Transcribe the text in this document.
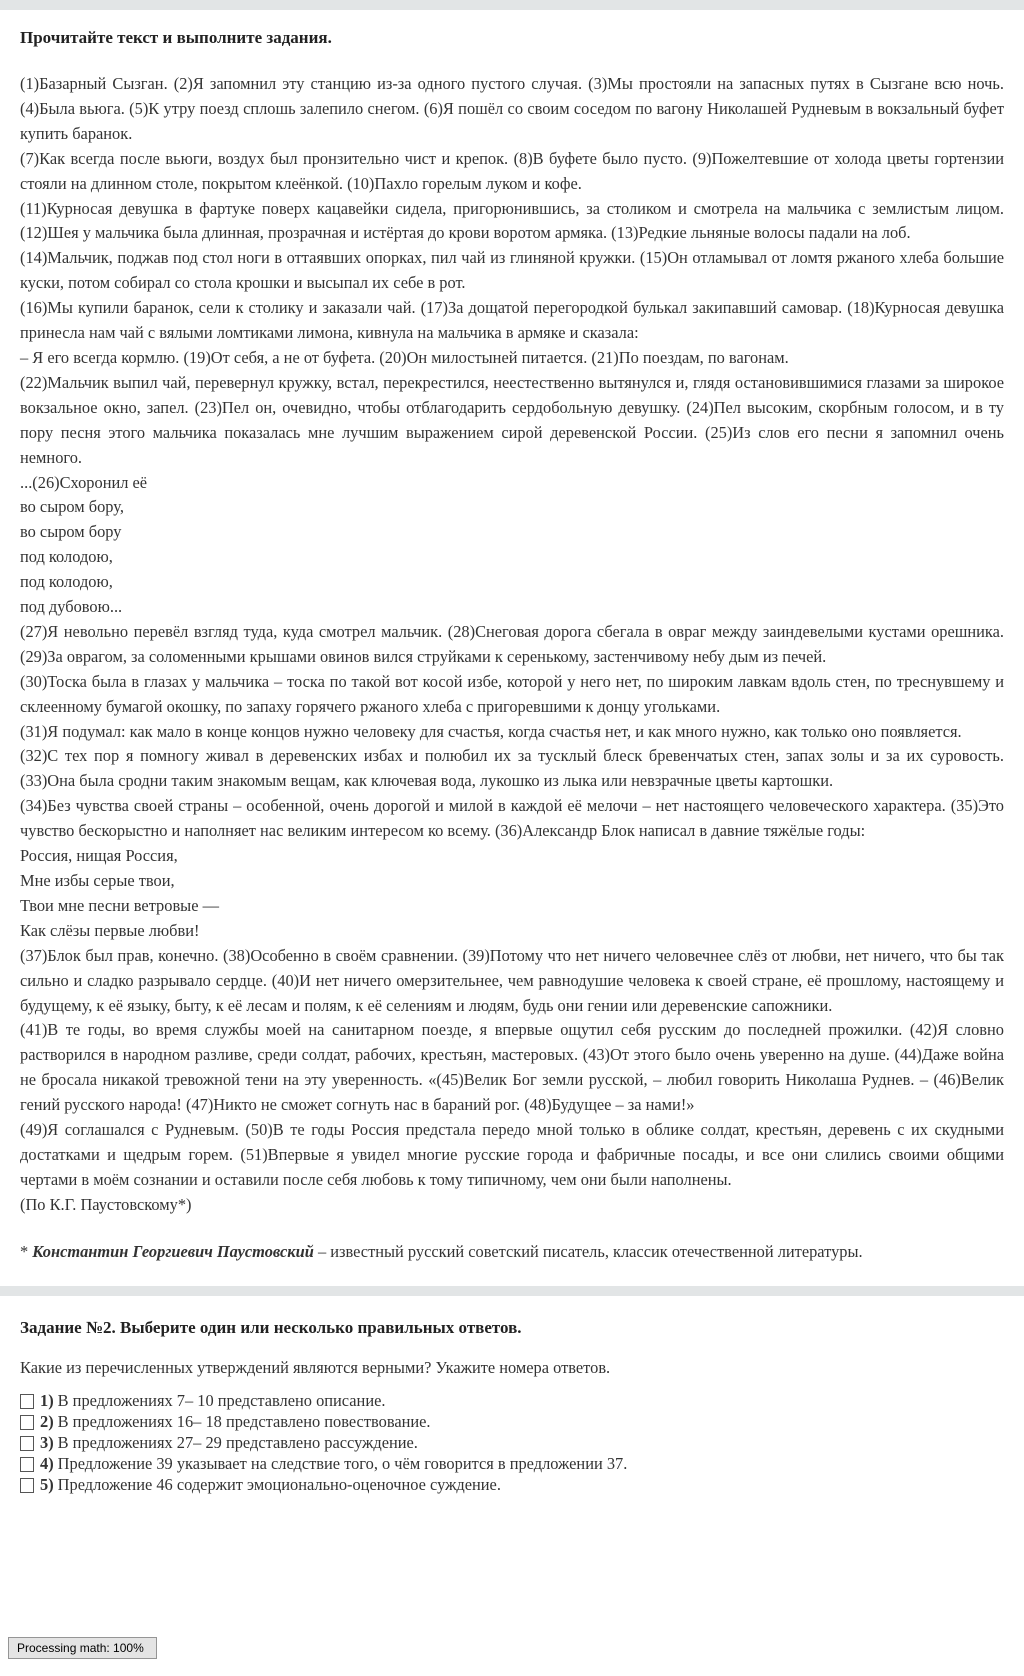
Прочитайте текст и выполните задания.

(1)Базарный Сызган. (2)Я запомнил эту станцию из-за одного пустого случая. (3)Мы простояли на запасных путях в Сызгане всю ночь. (4)Была вьюга. (5)К утру поезд сплошь залепило снегом. (6)Я пошёл со своим соседом по вагону Николашей Рудневым в вокзальный буфет купить баранок.

(7)Как всегда после вьюги, воздух был пронзительно чист и крепок. (8)В буфете было пусто. (9)Пожелтевшие от холода цветы гортензии стояли на длинном столе, покрытом клеёнкой. (10)Пахло горелым луком и кофе.

(11)Курносая девушка в фартуке поверх кацавейки сидела, пригорюнившись, за столиком и смотрела на мальчика с землистым лицом. (12)Шея у мальчика была длинная, прозрачная и истёртая до крови воротом армяка. (13)Редкие льняные волосы падали на лоб.

(14)Мальчик, поджав под стол ноги в оттаявших опорках, пил чай из глиняной кружки. (15)Он отламывал от ломтя ржаного хлеба большие куски, потом собирал со стола крошки и высыпал их себе в рот.

(16)Мы купили баранок, сели к столику и заказали чай. (17)За дощатой перегородкой булькал закипавший самовар. (18)Курносая девушка принесла нам чай с вялыми ломтиками лимона, кивнула на мальчика в армяке и сказала:

– Я его всегда кормлю. (19)От себя, а не от буфета. (20)Он милостыней питается. (21)По поездам, по вагонам.

(22)Мальчик выпил чай, перевернул кружку, встал, перекрестился, неестественно вытянулся и, глядя остановившимися глазами за широкое вокзальное окно, запел. (23)Пел он, очевидно, чтобы отблагодарить сердобольную девушку. (24)Пел высоким, скорбным голосом, и в ту пору песня этого мальчика показалась мне лучшим выражением сирой деревенской России. (25)Из слов его песни я запомнил очень немного.

...(26)Схоронил её

во сыром бору,

во сыром бору

под колодою,

под колодою,

под дубовою...

(27)Я невольно перевёл взгляд туда, куда смотрел мальчик. (28)Снеговая дорога сбегала в овраг между заиндевелыми кустами орешника. (29)За оврагом, за соломенными крышами овинов вился струйками к серенькому, застенчивому небу дым из печей.

(30)Тоска была в глазах у мальчика – тоска по такой вот косой избе, которой у него нет, по широким лавкам вдоль стен, по треснувшему и склеенному бумагой окошку, по запаху горячего ржаного хлеба с пригоревшими к донцу угольками.

(31)Я подумал: как мало в конце концов нужно человеку для счастья, когда счастья нет, и как много нужно, как только оно появляется.

(32)С тех пор я помногу живал в деревенских избах и полюбил их за тусклый блеск бревенчатых стен, запах золы и за их суровость. (33)Она была сродни таким знакомым вещам, как ключевая вода, лукошко из лыка или невзрачные цветы картошки.

(34)Без чувства своей страны – особенной, очень дорогой и милой в каждой её мелочи – нет настоящего человеческого характера. (35)Это чувство бескорыстно и наполняет нас великим интересом ко всему. (36)Александр Блок написал в давние тяжёлые годы:

Россия, нищая Россия,

Мне избы серые твои,

Твои мне песни ветровые —

Как слёзы первые любви!

(37)Блок был прав, конечно. (38)Особенно в своём сравнении. (39)Потому что нет ничего человечнее слёз от любви, нет ничего, что бы так сильно и сладко разрывало сердце. (40)И нет ничего омерзительнее, чем равнодушие человека к своей стране, её прошлому, настоящему и будущему, к её языку, быту, к её лесам и полям, к её селениям и людям, будь они гении или деревенские сапожники.

(41)В те годы, во время службы моей на санитарном поезде, я впервые ощутил себя русским до последней прожилки. (42)Я словно растворился в народном разливе, среди солдат, рабочих, крестьян, мастеровых. (43)От этого было очень уверенно на душе. (44)Даже война не бросала никакой тревожной тени на эту уверенность. «(45)Велик Бог земли русской, – любил говорить Николаша Руднев. – (46)Велик гений русского народа! (47)Никто не сможет согнуть нас в бараний рог. (48)Будущее – за нами!»

(49)Я соглашался с Рудневым. (50)В те годы Россия предстала передо мной только в облике солдат, крестьян, деревень с их скудными достатками и щедрым горем. (51)Впервые я увидел многие русские города и фабричные посады, и все они слились своими общими чертами в моём сознании и оставили после себя любовь к тому типичному, чем они были наполнены.

(По К.Г. Паустовскому*)

* Константин Георгиевич Паустовский – известный русский советский писатель, классик отечественной литературы.
Задание №2. Выберите один или несколько правильных ответов.
Какие из перечисленных утверждений являются верными? Укажите номера ответов.
1) В предложениях 7– 10 представлено описание.
2) В предложениях 16– 18 представлено повествование.
3) В предложениях 27– 29 представлено рассуждение.
4) Предложение 39 указывает на следствие того, о чём говорится в предложении 37.
5) Предложение 46 содержит эмоционально-оценочное суждение.
Processing math: 100%
